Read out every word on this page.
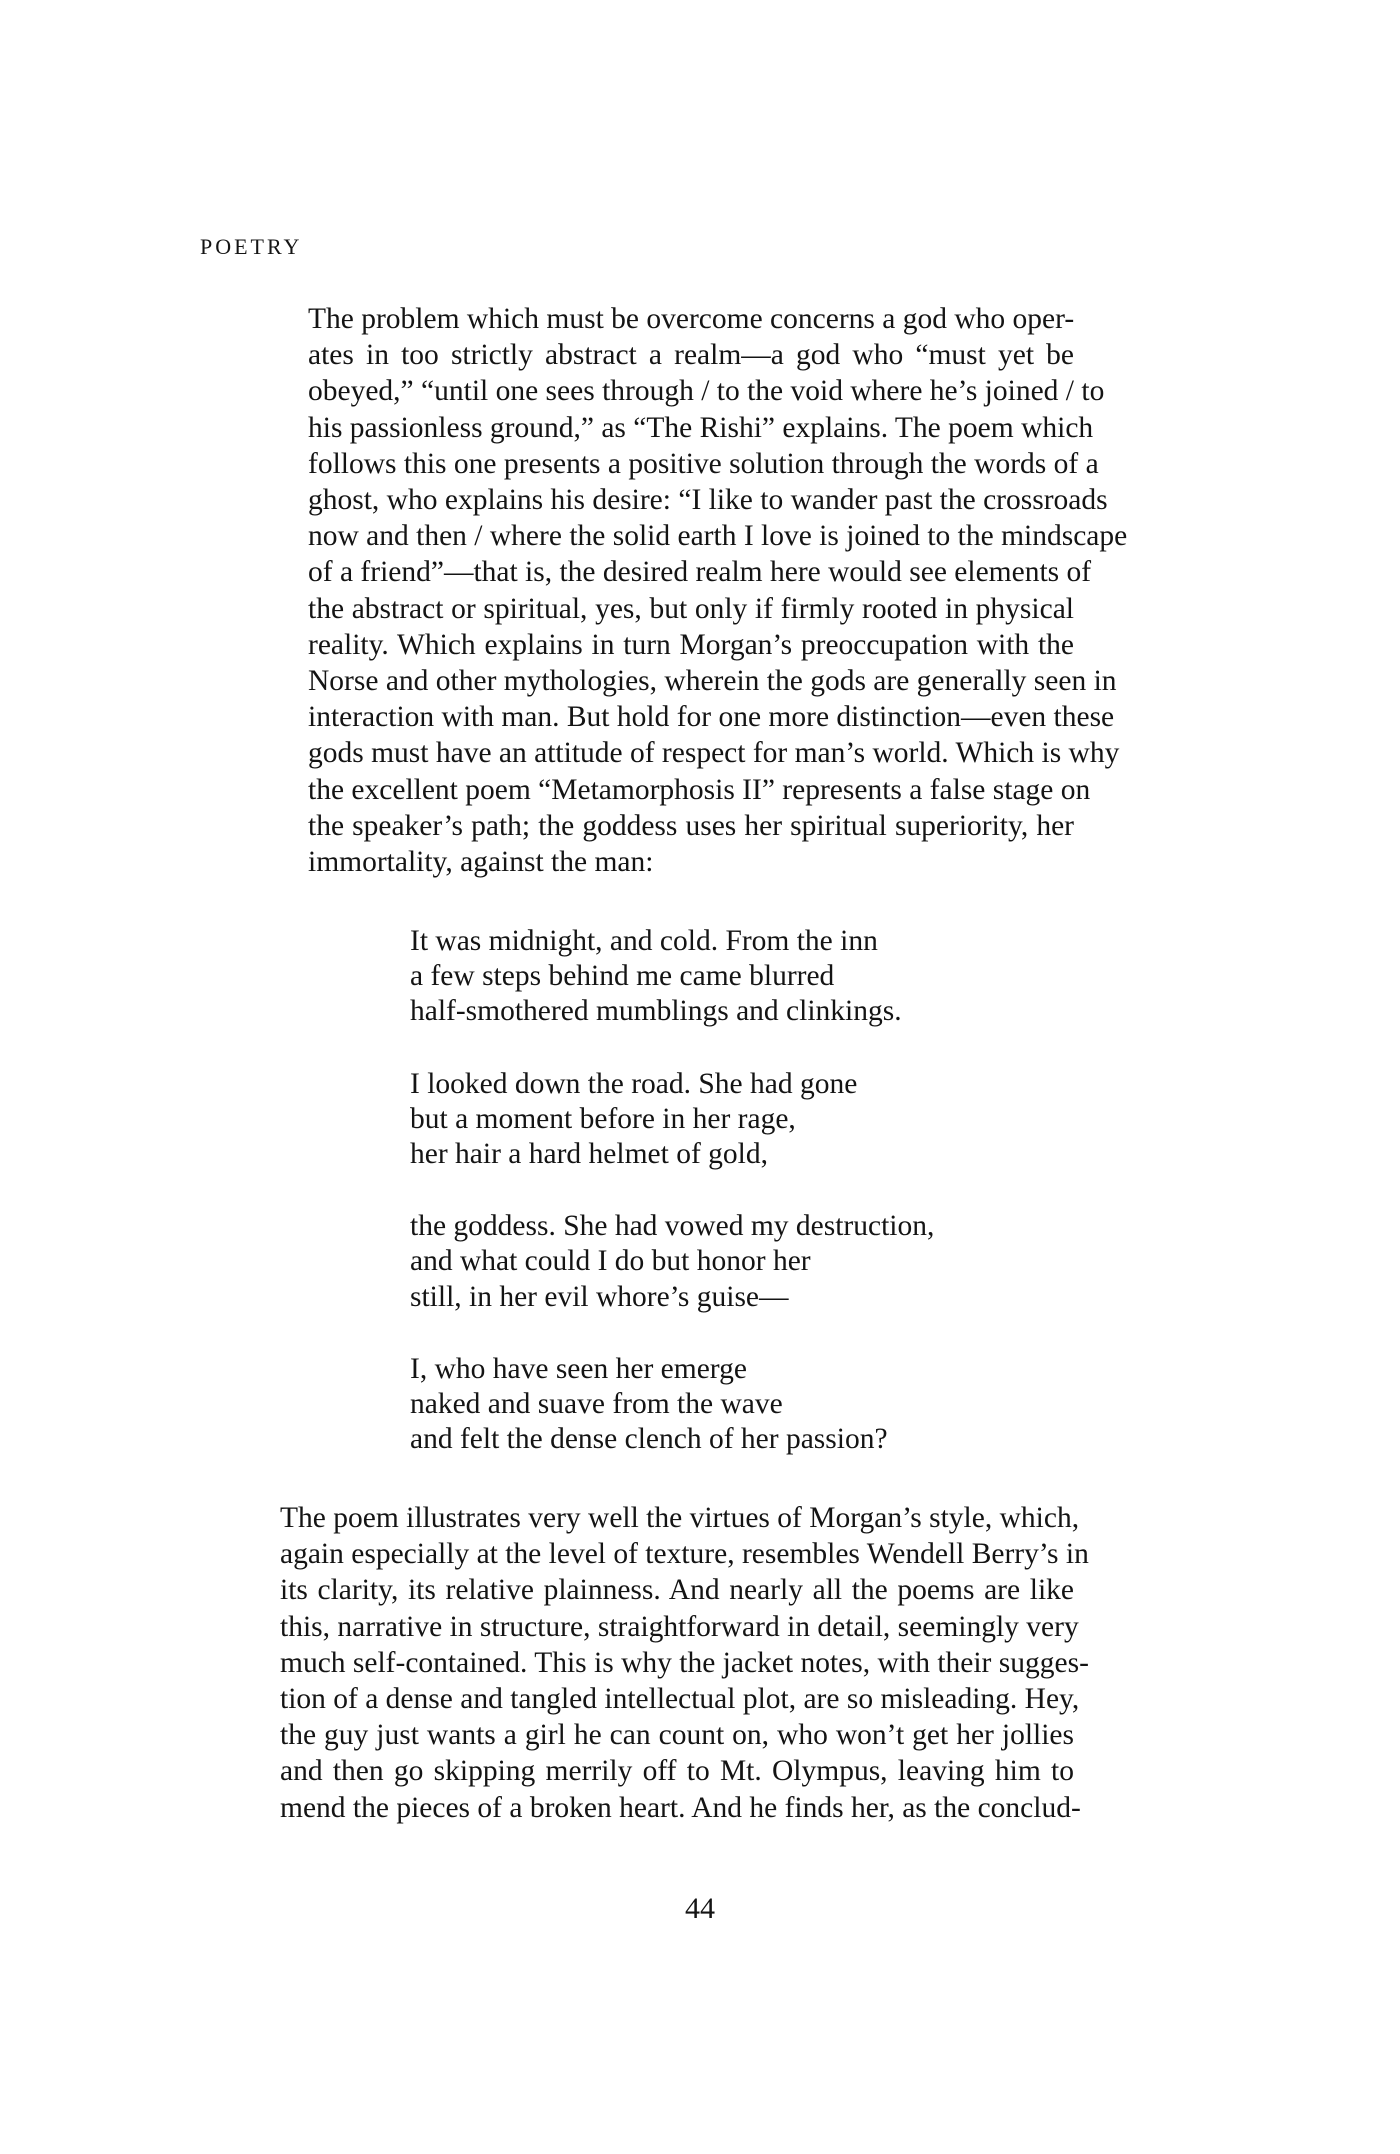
POETRY
The problem which must be overcome concerns a god who oper-
ates in too strictly abstract a realm—a god who “must yet be
obeyed,” “until one sees through / to the void where he’s joined / to
his passionless ground,” as “The Rishi” explains. The poem which
follows this one presents a positive solution through the words of a
ghost, who explains his desire: “I like to wander past the crossroads
now and then / where the solid earth I love is joined to the mindscape
of a friend”—that is, the desired realm here would see elements of
the abstract or spiritual, yes, but only if firmly rooted in physical
reality. Which explains in turn Morgan’s preoccupation with the
Norse and other mythologies, wherein the gods are generally seen in
interaction with man. But hold for one more distinction—even these
gods must have an attitude of respect for man’s world. Which is why
the excellent poem “Metamorphosis II” represents a false stage on
the speaker’s path; the goddess uses her spiritual superiority, her
immortality, against the man:
It was midnight, and cold. From the inn
a few steps behind me came blurred
half-smothered mumblings and clinkings.
I looked down the road. She had gone
but a moment before in her rage,
her hair a hard helmet of gold,
the goddess. She had vowed my destruction,
and what could I do but honor her
still, in her evil whore’s guise—
I, who have seen her emerge
naked and suave from the wave
and felt the dense clench of her passion?
The poem illustrates very well the virtues of Morgan’s style, which,
again especially at the level of texture, resembles Wendell Berry’s in
its clarity, its relative plainness. And nearly all the poems are like
this, narrative in structure, straightforward in detail, seemingly very
much self-contained. This is why the jacket notes, with their sugges-
tion of a dense and tangled intellectual plot, are so misleading. Hey,
the guy just wants a girl he can count on, who won’t get her jollies
and then go skipping merrily off to Mt. Olympus, leaving him to
mend the pieces of a broken heart. And he finds her, as the conclud-
44
